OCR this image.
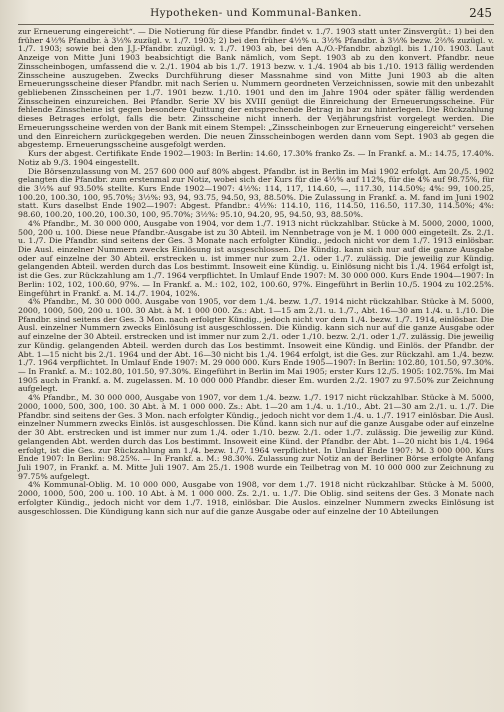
Hypotheken- und Kommunal-Banken.	245

zur Erneuerung eingereicht“. — Die Notierung für diese Pfandbr. findet v. 1./7. 1903 statt unter Zinsvergüt.: 1) bei den früher 4½% Pfandbr. à 3⅓% zuzügl. v. 1./7. 1903; 2) bei den früher 4½% u. 3½% Pfandbr. à 3⅓% bezw. 2⅔% zuzügl. v. 1./7. 1903; sowie bei den J.J.-Pfandbr. zuzügl. v. 1./7. 1903 ab, bei den A./O.-Pfandbr. abzügl. bis 1./10. 1903. Laut Anzeige von Mitte Juni 1903 beabsichtigt die Bank nämlich, vom Sept. 1903 ab zu den konvert. Pfandbr. neue Zinsscheinbogen, umfassend die v. 2./1. 1904 ab bis 1./7. 1913 bezw. v. 1./4. 1904 ab bis 1./10. 1913 fällig werdenden Zinsscheine auszugeben. Zwecks Durchführung dieser Massnahme sind von Mitte Juni 1903 ab die alten Erneuerungsscheine dieser Pfandbr. mit nach Serien u. Nummern geordneten Verzeichnissen, sowie mit den unbezahlt gebliebenen Zinsscheinen per 1./7. 1901 bezw. 1./10. 1901 und den im Jahre 1904 oder später fällig werdenden Zinsscheinen einzureichen. Bei Pfandbr. Serie XV bis XVIII genügt die Einreichung der Erneuerungsscheine. Für fehlende Zinsscheine ist gegen besondere Quittung der entsprechende Betrag in bar zu hinterlegen. Die Rückzahlung dieses Betrages erfolgt, falls die betr. Zinsscheine nicht innerh. der Verjährungsfrist vorgelegt werden. Die Erneuerungsscheine werden von der Bank mit einem Stempel: „Zinsscheinbogen zur Erneuerung eingereicht“ versehen und den Einreichern zurückgegeben werden. Die neuen Zinsscheinbogen werden dann vom Sept. 1903 ab gegen die abgestemp. Erneuerungsscheine ausgefolgt werden.

Kurs der abgest. Certifikate Ende 1902—1903: In Berlin: 14.60, 17.30% franko Zs. — In Frankf. a. M.: 14.75, 17.40%. Notiz ab 9./3. 1904 eingestellt.

Die Börsenzulassung von M. 257 600 000 auf 80% abgest. Pfandbr. ist in Berlin im Mai 1902 erfolgt. Am 20./5. 1902 gelangten die Pfandbr. zum erstenmal zur Notiz, wobei sich der Kurs für die 4½% auf 112%, für die 4% auf 98.75%, für die 3½% auf 93.50% stellte. Kurs Ende 1902—1907: 4½%: 114, 117, 114.60, —, 117.30, 114.50%; 4%: 99, 100.25, 100.20, 100.30, 100, 95.70%; 3½%: 93, 94, 93.75, 94.50, 93, 88.50%. Die Zulassung in Frankf. a. M. fand im Juni 1902 statt. Kurs daselbst Ende 1902—1907: Abgest. Pfandbr.: 4½%: 114.10, 116, 114.50, 116.50, 117.30, 114.50%; 4%: 98.60, 100.20, 100.20, 100.30, 100, 95.70%; 3½%: 95.10, 94.20, 95, 94.50, 93, 88.50%.

4% Pfandbr., M. 30 000 000, Ausgabe von 1904, vor dem 1./7. 1913 nicht rückzahlbar. Stücke à M. 5000, 2000, 1000, 500, 200 u. 100. Diese neue Pfandbr.-Ausgabe ist zu 30 Abteil. im Nennbetrage von je M. 1 000 000 eingeteilt. Zs. 2./1. u. 1./7. Die Pfandbr. sind seitens der Ges. 3 Monate nach erfolgter Kündig., jedoch nicht vor dem 1./7. 1913 einlösbar. Die Ausl. einzelner Nummern zwecks Einlösung ist ausgeschlossen. Die Kündig. kann sich nur auf die ganze Ausgabe oder auf einzelne der 30 Abteil. erstrecken u. ist immer nur zum 2./1. oder 1./7. zulässig. Die jeweilig zur Kündig. gelangenden Abteil. werden durch das Los bestimmt. Insoweit eine Kündig. u. Einlösung nicht bis 1./4. 1964 erfolgt ist, ist die Ges. zur Rückzahlung am 1./7. 1964 verpflichtet. In Umlauf Ende 1907: M. 30 000 000. Kurs Ende 1904—1907: In Berlin: 102, 102, 100.60, 97%. — In Frankf. a. M.: 102, 102, 100.60, 97%. Eingeführt in Berlin 10./5. 1904 zu 102.25%. Eingeführt in Frankf. a. M. 14./7. 1904, 102%.

4% Pfandbr., M. 30 000 000. Ausgabe von 1905, vor dem 1./4. bezw. 1./7. 1914 nicht rückzahlbar. Stücke à M. 5000, 2000, 1000, 500, 200 u. 100. 30 Abt. à M. 1 000 000. Zs.: Abt. 1—15 am 2./1. u. 1./7., Abt. 16—30 am 1./4. u. 1./10. Die Pfandbr. sind seitens der Ges. 3 Mon. nach erfolgter Kündig., jedoch nicht vor dem 1./4. bezw. 1./7. 1914, einlösbar. Die Ausl. einzelner Nummern zwecks Einlösung ist ausgeschlossen. Die Kündig. kann sich nur auf die ganze Ausgabe oder auf einzelne der 30 Abteil. erstrecken und ist immer nur zum 2./1. oder 1./10. bezw. 2./1. oder 1./7. zulässig. Die jeweilig zur Kündig. gelangenden Abteil. werden durch das Los bestimmt. Insoweit eine Kündig. und Einlös. der Pfandbr. der Abt. 1—15 nicht bis 2./1. 1964 und der Abt. 16—30 nicht bis 1./4. 1964 erfolgt, ist die Ges. zur Rückzahl. am 1./4. bezw. 1./7. 1964 verpflichtet. In Umlauf Ende 1907: M. 29 000 000. Kurs Ende 1905—1907: In Berlin: 102.80, 101.50, 97.30%. — In Frankf. a. M.: 102.80, 101.50, 97.30%. Eingeführt in Berlin im Mai 1905; erster Kurs 12./5. 1905: 102.75%. Im Mai 1905 auch in Frankf. a. M. zugelassen. M. 10 000 000 Pfandbr. dieser Em. wurden 2./2. 1907 zu 97.50% zur Zeichnung aufgelegt.

4% Pfandbr., M. 30 000 000, Ausgabe von 1907, vor dem 1./4. bezw. 1./7. 1917 nicht rückzahlbar. Stücke à M. 5000, 2000, 1000, 500, 300, 100. 30 Abt. à M. 1 000 000. Zs.: Abt. 1—20 am 1./4. u. 1./10., Abt. 21—30 am 2./1. u. 1./7. Die Pfandbr. sind seitens der Ges. 3 Mon. nach erfolgter Kündig., jedoch nicht vor dem 1./4. u. 1./7. 1917 einlösbar. Die Ausl. einzelner Nummern zwecks Einlös. ist ausgeschlossen. Die Künd. kann sich nur auf die ganze Ausgabe oder auf einzelne der 30 Abt. erstrecken und ist immer nur zum 1./4. oder 1./10. bezw. 2./1. oder 1./7. zulässig. Die jeweilig zur Künd. gelangenden Abt. werden durch das Los bestimmt. Insoweit eine Künd. der Pfandbr. der Abt. 1—20 nicht bis 1./4. 1964 erfolgt, ist die Ges. zur Rückzahlung am 1./4. bezw. 1./7. 1964 verpflichtet. In Umlauf Ende 1907: M. 3 000 000. Kurs Ende 1907: In Berlin: 98.25%. — In Frankf. a. M.: 98.30%. Zulassung zur Notiz an der Berliner Börse erfolgte Anfang Juli 1907, in Frankf. a. M. Mitte Juli 1907. Am 25./1. 1908 wurde ein Teilbetrag von M. 10 000 000 zur Zeichnung zu 97.75% aufgelegt.

4% Kommunal-Oblig. M. 10 000 000, Ausgabe von 1908, vor dem 1./7. 1918 nicht rückzahlbar. Stücke à M. 5000, 2000, 1000, 500, 200 u. 100. 10 Abt. à M. 1 000 000. Zs. 2./1. u. 1./7. Die Oblig. sind seitens der Ges. 3 Monate nach erfolgter Kündig., jedoch nicht vor dem 1./7. 1918, einlösbar. Die Auslos. einzelner Nummern zwecks Einlösung ist ausgeschlossen. Die Kündigung kann sich nur auf die ganze Ausgabe oder auf einzelne der 10 Abteilungen
